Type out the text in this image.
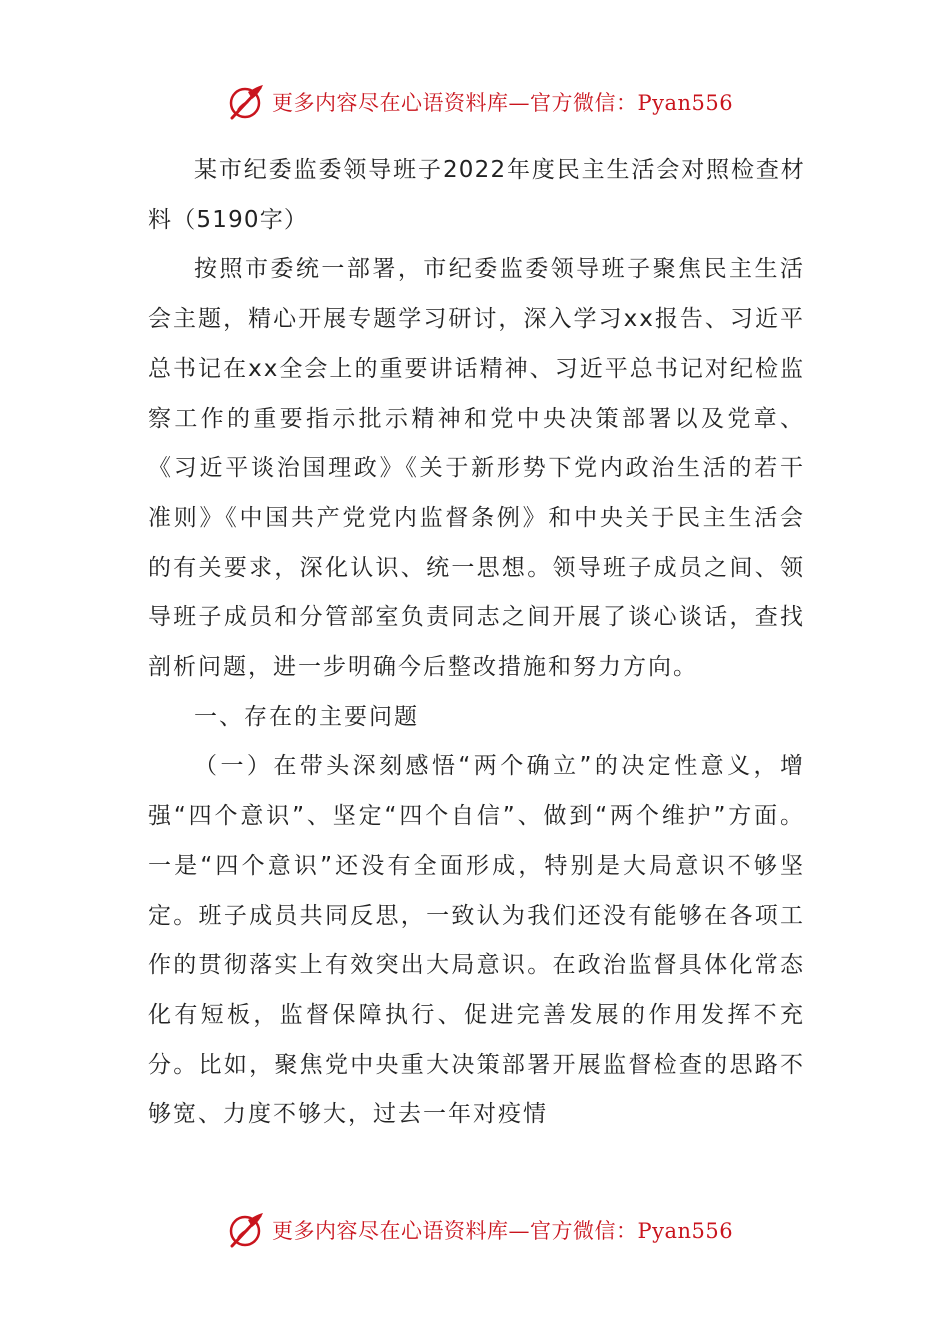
更多内容尽在心语资料库—官方微信：Pyan556

某市纪委监委领导班子2022年度民主生活会对照检查材料（5190字）

按照市委统一部署，市纪委监委领导班子聚焦民主生活会主题，精心开展专题学习研讨，深入学习xx报告、习近平总书记在xx全会上的重要讲话精神、习近平总书记对纪检监察工作的重要指示批示精神和党中央决策部署以及党章、《习近平谈治国理政》《关于新形势下党内政治生活的若干准则》《中国共产党党内监督条例》和中央关于民主生活会的有关要求，深化认识、统一思想。领导班子成员之间、领导班子成员和分管部室负责同志之间开展了谈心谈话，查找剖析问题，进一步明确今后整改措施和努力方向。

一、存在的主要问题

（一）在带头深刻感悟“两个确立”的决定性意义，增强“四个意识”、坚定“四个自信”、做到“两个维护”方面。一是“四个意识”还没有全面形成，特别是大局意识不够坚定。班子成员共同反思，一致认为我们还没有能够在各项工作的贯彻落实上有效突出大局意识。在政治监督具体化常态化有短板，监督保障执行、促进完善发展的作用发挥不充分。比如，聚焦党中央重大决策部署开展监督检查的思路不够宽、力度不够大，过去一年对疫情

更多内容尽在心语资料库—官方微信：Pyan556
